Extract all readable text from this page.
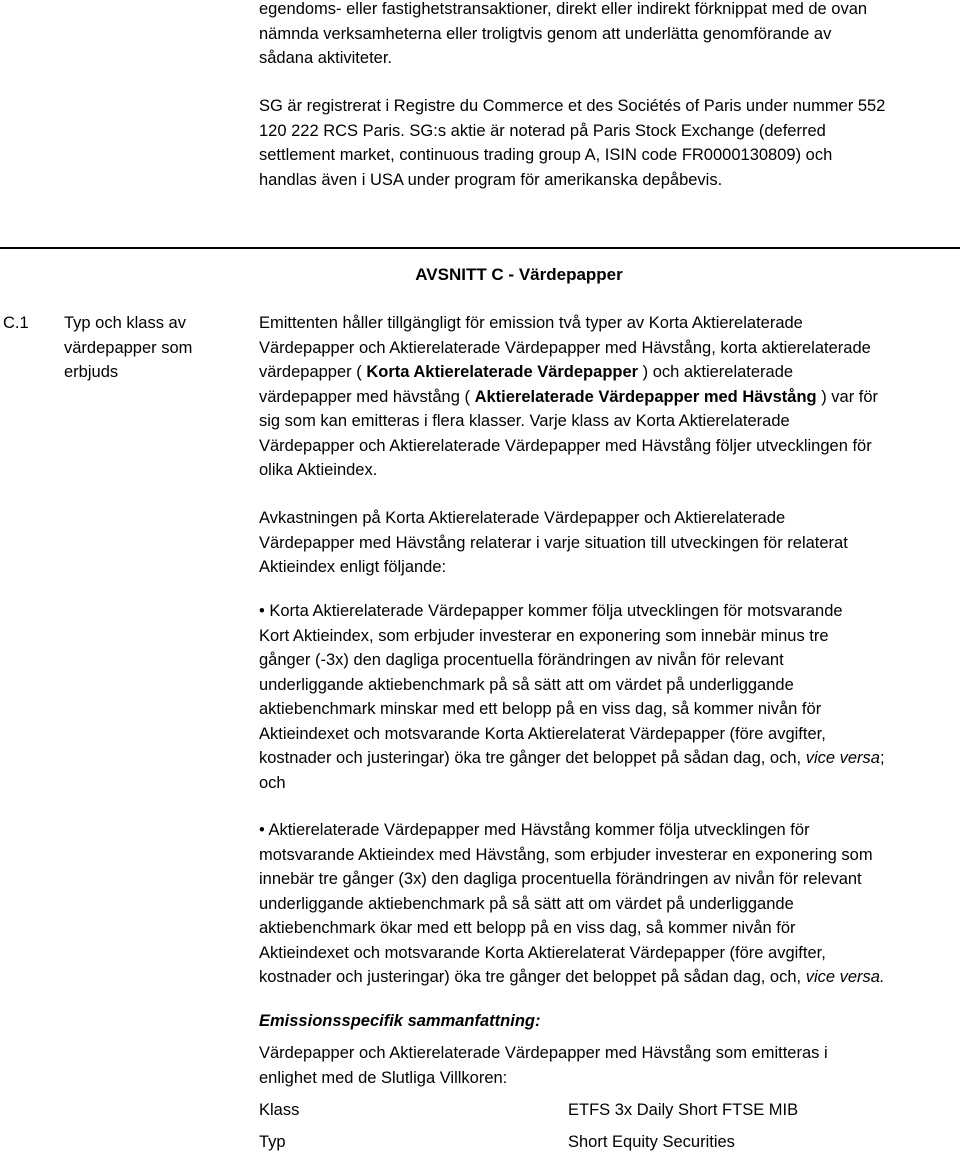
egendoms- eller fastighetstransaktioner, direkt eller indirekt förknippat med de ovan
nämnda verksamheterna eller troligtvis genom att underlätta genomförande av
sådana aktiviteter.
SG är registrerat i Registre du Commerce et des Sociétés of Paris under nummer 552
120 222 RCS Paris. SG:s aktie är noterad på Paris Stock Exchange (deferred
settlement market, continuous trading group A, ISIN code FR0000130809) och
handlas även i USA under program för amerikanska depåbevis.
AVSNITT C - Värdepapper
C.1 Typ och klass av
värdepapper som
erbjuds
Emittenten håller tillgängligt för emission två typer av Korta Aktierelaterade
Värdepapper och Aktierelaterade Värdepapper med Hävstång, korta aktierelaterade
värdepapper ( Korta Aktierelaterade Värdepapper ) och aktierelaterade
värdepapper med hävstång ( Aktierelaterade Värdepapper med Hävstång ) var för
sig som kan emitteras i flera klasser. Varje klass av Korta Aktierelaterade
Värdepapper och Aktierelaterade Värdepapper med Hävstång följer utvecklingen för
olika Aktieindex.
Avkastningen på Korta Aktierelaterade Värdepapper och Aktierelaterade
Värdepapper med Hävstång relaterar i varje situation till utveckingen för relaterat
Aktieindex enligt följande:
• Korta Aktierelaterade Värdepapper kommer följa utvecklingen för motsvarande
Kort Aktieindex, som erbjuder investerar en exponering som innebär minus tre
gånger (-3x) den dagliga procentuella förändringen av nivån för relevant
underliggande aktiebenchmark på så sätt att om värdet på underliggande
aktiebenchmark minskar med ett belopp på en viss dag, så kommer nivån för
Aktieindexet och motsvarande Korta Aktierelaterat Värdepapper (före avgifter,
kostnader och justeringar) öka tre gånger det beloppet på sådan dag, och, vice versa;
och
• Aktierelaterade Värdepapper med Hävstång kommer följa utvecklingen för
motsvarande Aktieindex med Hävstång, som erbjuder investerar en exponering som
innebär tre gånger (3x) den dagliga procentuella förändringen av nivån för relevant
underliggande aktiebenchmark på så sätt att om värdet på underliggande
aktiebenchmark ökar med ett belopp på en viss dag, så kommer nivån för
Aktieindexet och motsvarande Korta Aktierelaterat Värdepapper (före avgifter,
kostnader och justeringar) öka tre gånger det beloppet på sådan dag, och, vice versa.
Emissionsspecifik sammanfattning:
Värdepapper och Aktierelaterade Värdepapper med Hävstång som emitteras i
enlighet med de Slutliga Villkoren:
Klass	ETFS 3x Daily Short FTSE MIB
Typ	Short Equity Securities
